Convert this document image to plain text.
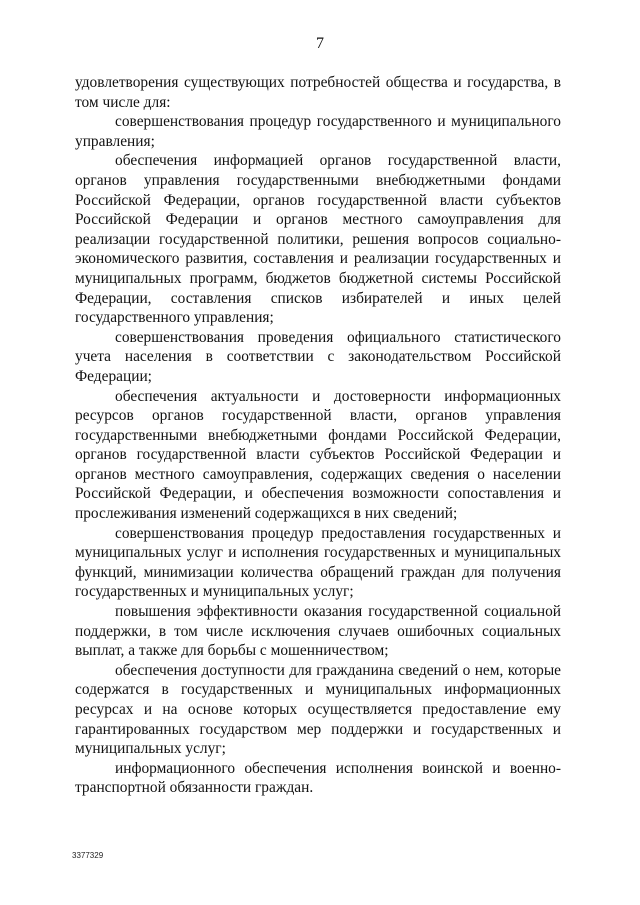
7

удовлетворения существующих потребностей общества и государства, в том числе для:

совершенствования процедур государственного и муниципального управления;

обеспечения информацией органов государственной власти, органов управления государственными внебюджетными фондами Российской Федерации, органов государственной власти субъектов Российской Федерации и органов местного самоуправления для реализации государственной политики, решения вопросов социально-экономического развития, составления и реализации государственных и муниципальных программ, бюджетов бюджетной системы Российской Федерации, составления списков избирателей и иных целей государственного управления;

совершенствования проведения официального статистического учета населения в соответствии с законодательством Российской Федерации;

обеспечения актуальности и достоверности информационных ресурсов органов государственной власти, органов управления государственными внебюджетными фондами Российской Федерации, органов государственной власти субъектов Российской Федерации и органов местного самоуправления, содержащих сведения о населении Российской Федерации, и обеспечения возможности сопоставления и прослеживания изменений содержащихся в них сведений;

совершенствования процедур предоставления государственных и муниципальных услуг и исполнения государственных и муниципальных функций, минимизации количества обращений граждан для получения государственных и муниципальных услуг;

повышения эффективности оказания государственной социальной поддержки, в том числе исключения случаев ошибочных социальных выплат, а также для борьбы с мошенничеством;

обеспечения доступности для гражданина сведений о нем, которые содержатся в государственных и муниципальных информационных ресурсах и на основе которых осуществляется предоставление ему гарантированных государством мер поддержки и государственных и муниципальных услуг;

информационного обеспечения исполнения воинской и военно-транспортной обязанности граждан.

3377329
